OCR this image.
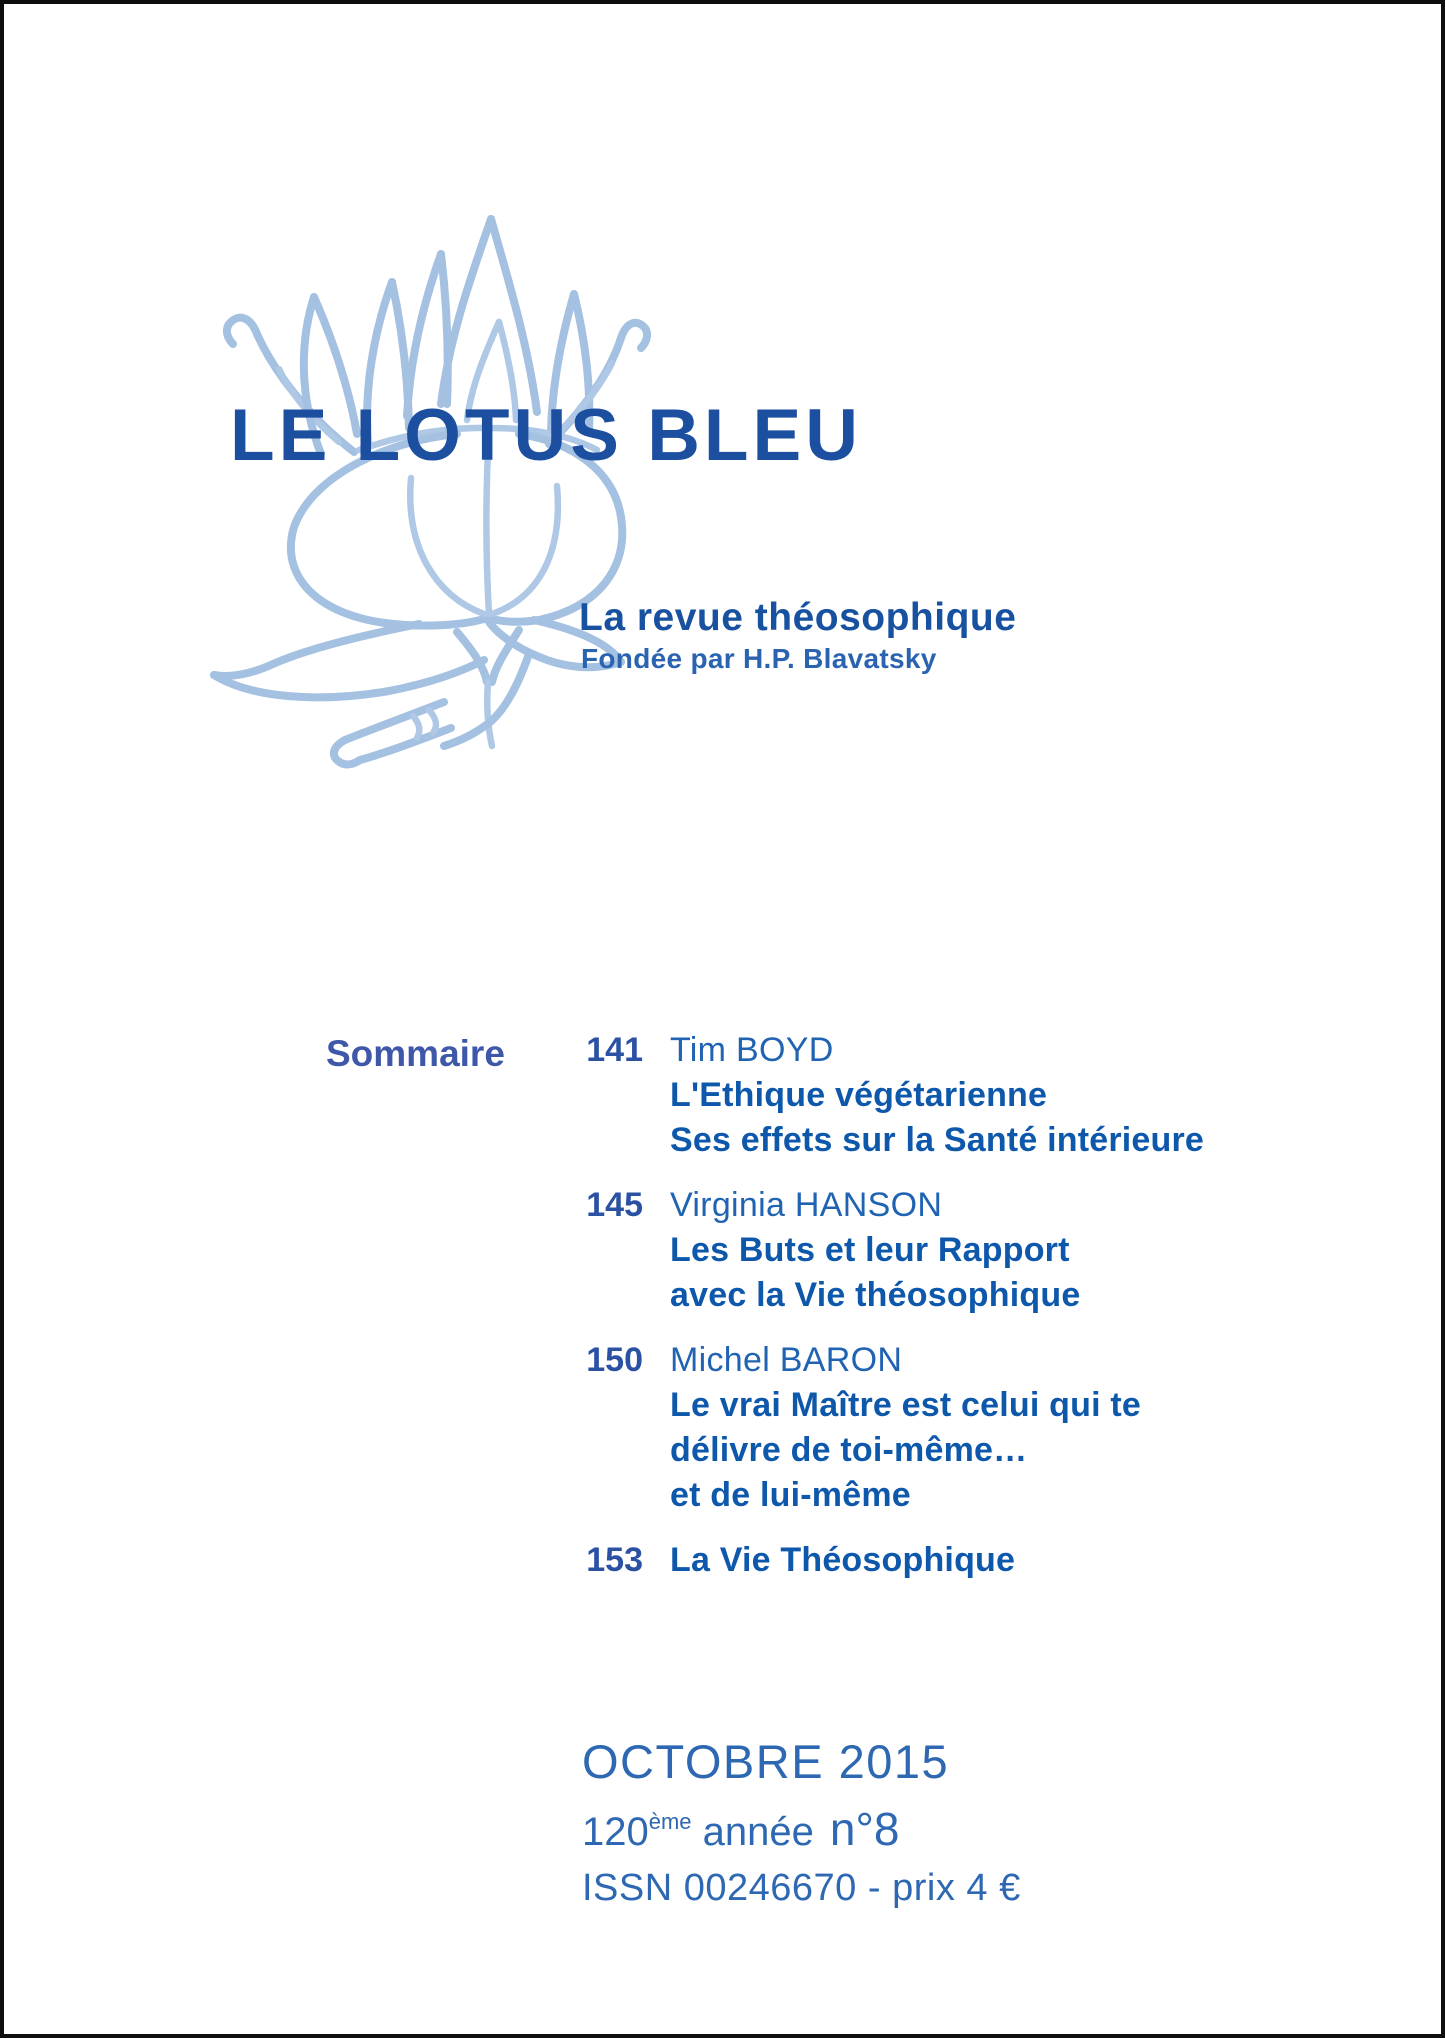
LE LOTUS BLEU
La revue théosophique
Fondée par H.P. Blavatsky
Sommaire 141 Tim BOYD
L'Ethique végétarienne
Ses effets sur la Santé intérieure
145 Virginia HANSON
Les Buts et leur Rapport
avec la Vie théosophique
150 Michel BARON
Le vrai Maître est celui qui te
délivre de toi-même…
et de lui-même
153 La Vie Théosophique
OCTOBRE 2015
120ème année n°8
ISSN 00246670 - prix 4 €
